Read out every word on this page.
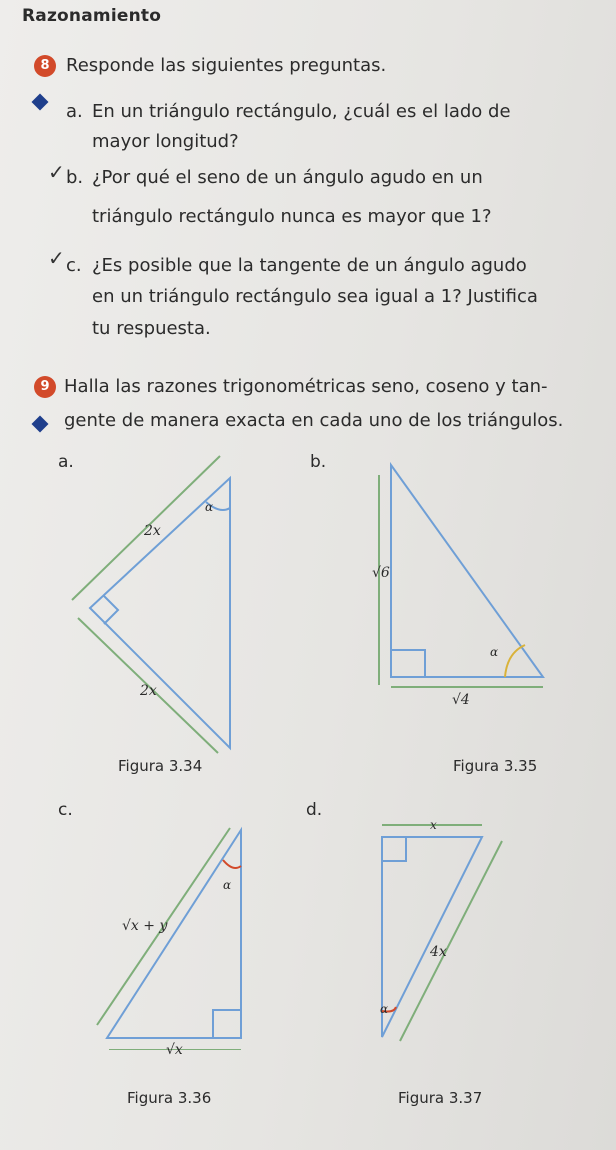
Razonamiento
8 Responde las siguientes preguntas.
a. En un triángulo rectángulo, ¿cuál es el lado de
mayor longitud?
✓ b. ¿Por qué el seno de un ángulo agudo en un
triángulo rectángulo nunca es mayor que 1?
✓ c. ¿Es posible que la tangente de un ángulo agudo
en un triángulo rectángulo sea igual a 1? Justifica
tu respuesta.
9 Halla las razones trigonométricas seno, coseno y tan-
gente de manera exacta en cada uno de los triángulos.
a.
α
2x
2x
Figura 3.34
b.
√6
α
√4
Figura 3.35
c.
α
√x + y
√x
Figura 3.36
d.
x
4x
α
Figura 3.37
